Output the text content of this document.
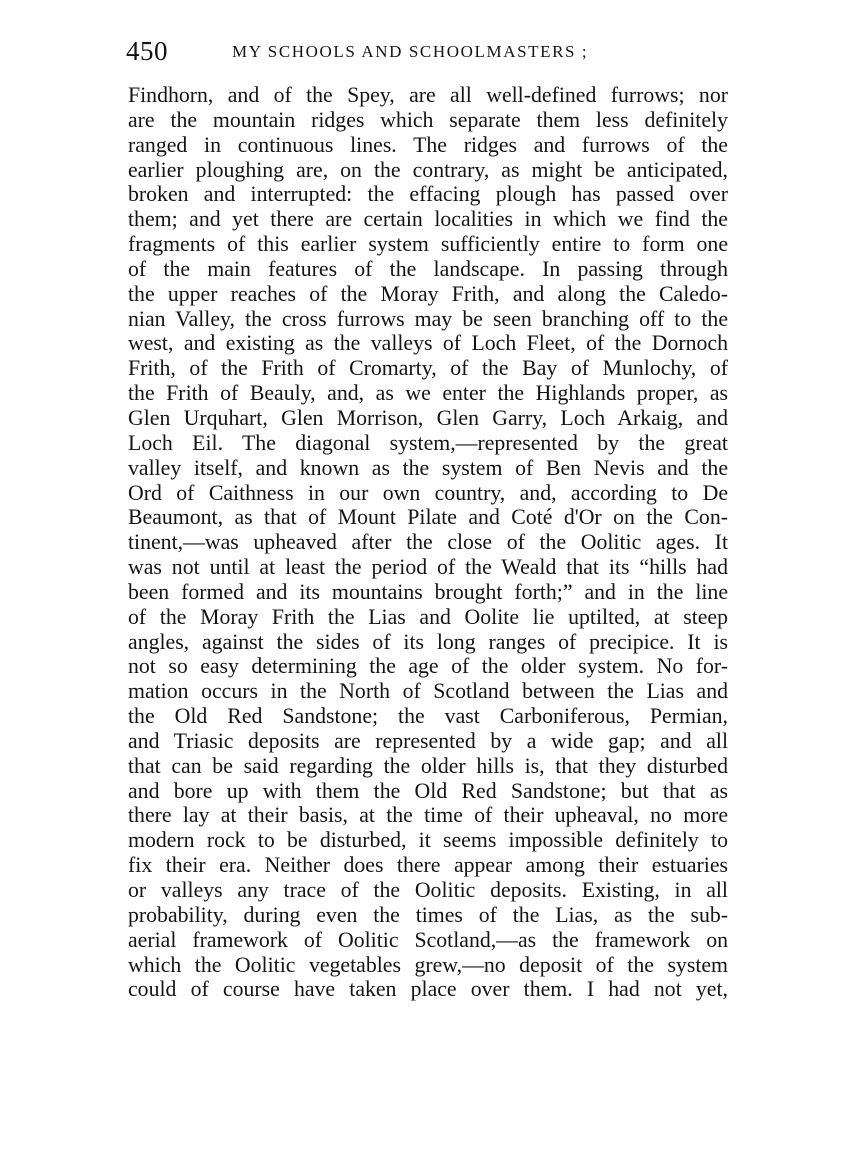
450	MY SCHOOLS AND SCHOOLMASTERS ;
Findhorn, and of the Spey, are all well-defined furrows; nor
are the mountain ridges which separate them less definitely
ranged in continuous lines. The ridges and furrows of the
earlier ploughing are, on the contrary, as might be anticipated,
broken and interrupted: the effacing plough has passed over
them; and yet there are certain localities in which we find the
fragments of this earlier system sufficiently entire to form one
of the main features of the landscape. In passing through
the upper reaches of the Moray Frith, and along the Caledo-
nian Valley, the cross furrows may be seen branching off to the
west, and existing as the valleys of Loch Fleet, of the Dornoch
Frith, of the Frith of Cromarty, of the Bay of Munlochy, of
the Frith of Beauly, and, as we enter the Highlands proper, as
Glen Urquhart, Glen Morrison, Glen Garry, Loch Arkaig, and
Loch Eil. The diagonal system,—represented by the great
valley itself, and known as the system of Ben Nevis and the
Ord of Caithness in our own country, and, according to De
Beaumont, as that of Mount Pilate and Coté d'Or on the Con-
tinent,—was upheaved after the close of the Oolitic ages. It
was not until at least the period of the Weald that its “hills had
been formed and its mountains brought forth;” and in the line
of the Moray Frith the Lias and Oolite lie uptilted, at steep
angles, against the sides of its long ranges of precipice. It is
not so easy determining the age of the older system. No for-
mation occurs in the North of Scotland between the Lias and
the Old Red Sandstone; the vast Carboniferous, Permian,
and Triasic deposits are represented by a wide gap; and all
that can be said regarding the older hills is, that they disturbed
and bore up with them the Old Red Sandstone; but that as
there lay at their basis, at the time of their upheaval, no more
modern rock to be disturbed, it seems impossible definitely to
fix their era. Neither does there appear among their estuaries
or valleys any trace of the Oolitic deposits. Existing, in all
probability, during even the times of the Lias, as the sub-
aerial framework of Oolitic Scotland,—as the framework on
which the Oolitic vegetables grew,—no deposit of the system
could of course have taken place over them. I had not yet,
